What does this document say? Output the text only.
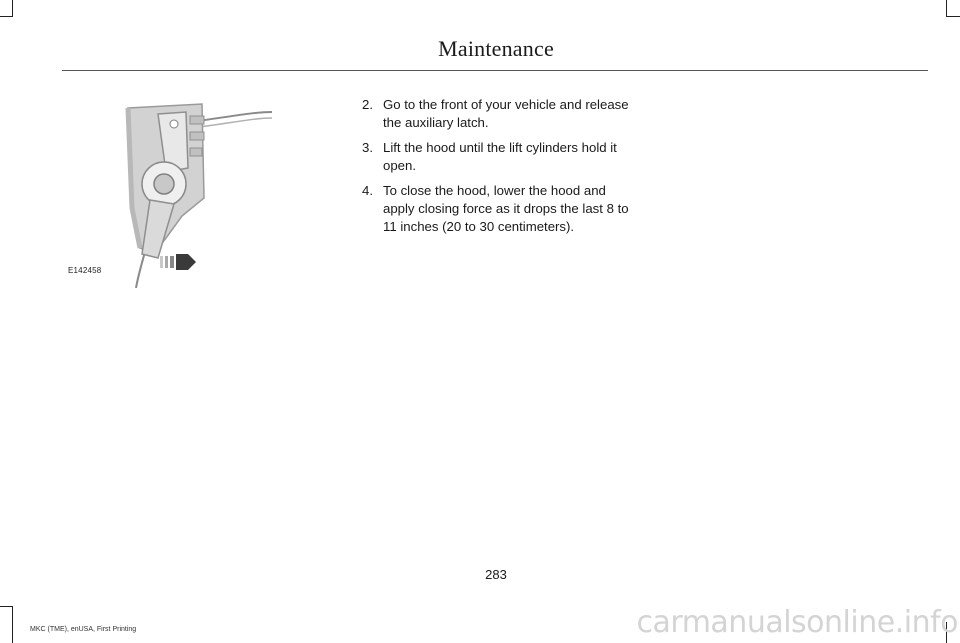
Maintenance
E142458
2. Go to the front of your vehicle and release the auxiliary latch.
3. Lift the hood until the lift cylinders hold it open.
4. To close the hood, lower the hood and apply closing force as it drops the last 8 to 11 inches (20 to 30 centimeters).
283
MKC (TME), enUSA, First Printing	carmanualsonline.info
